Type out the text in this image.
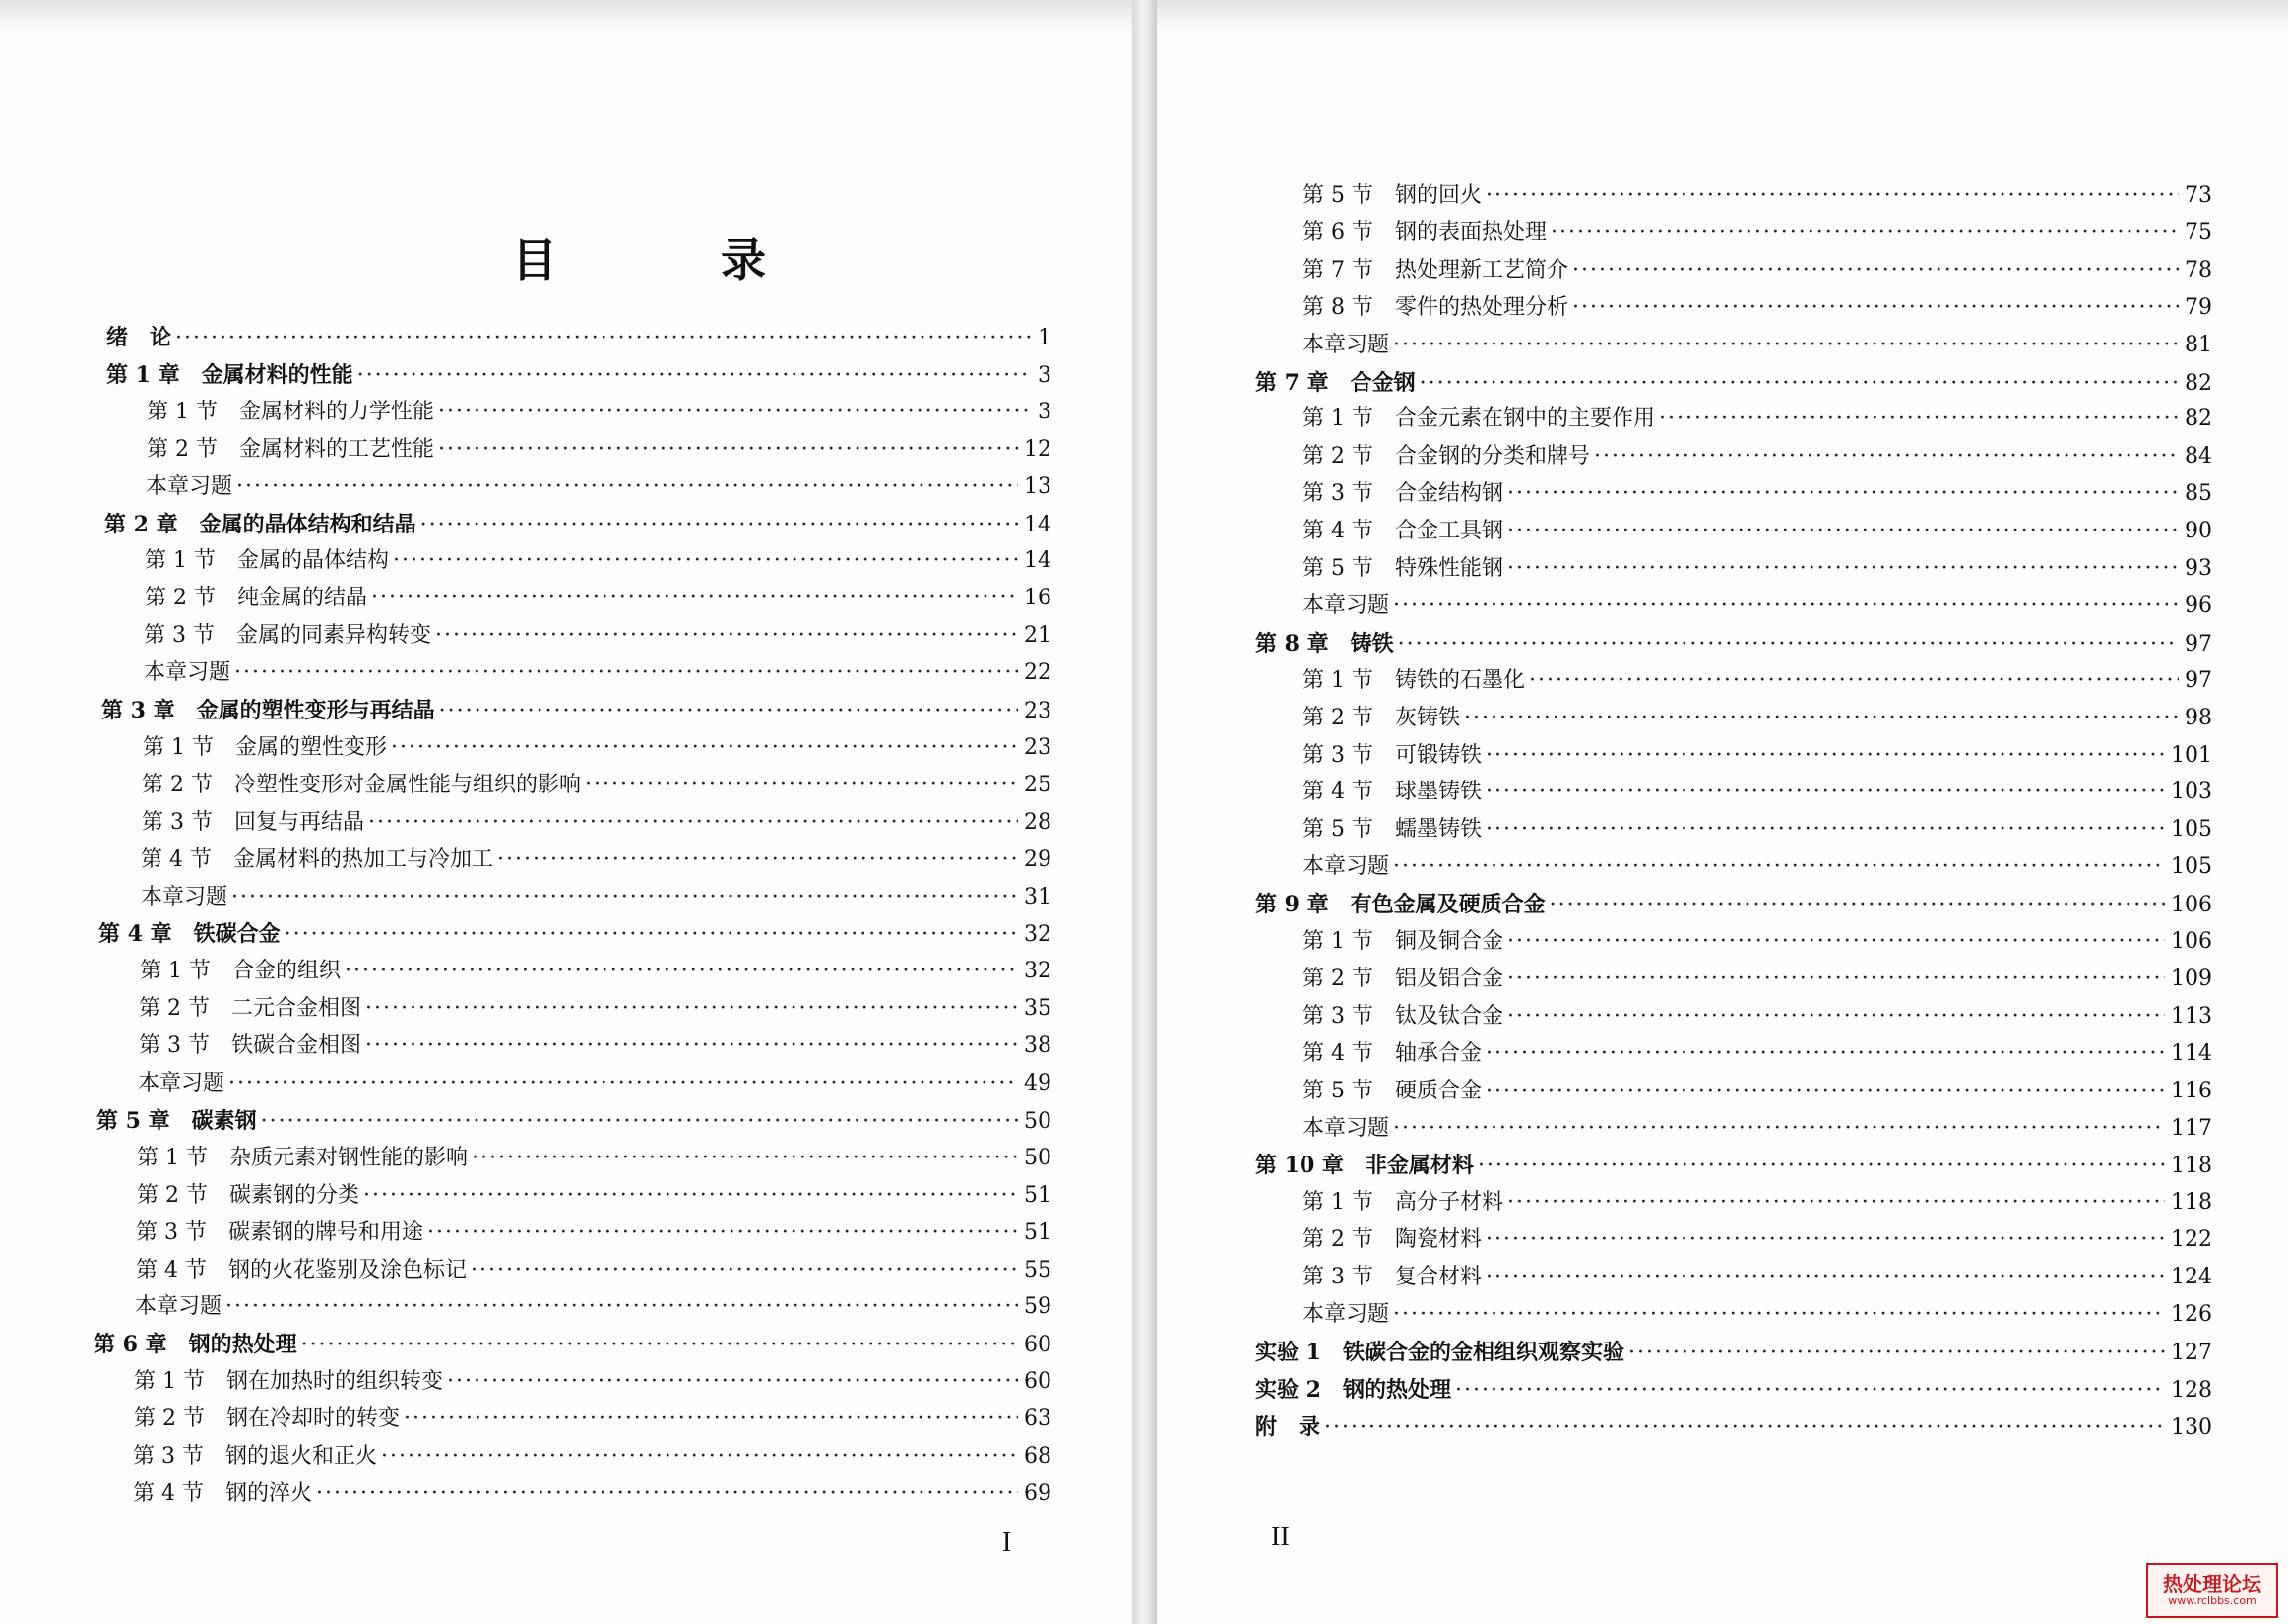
目　录
绪　论 ·····	1
第 1 章　金属材料的性能 ·····	3
第 1 节　金属材料的力学性能 ·····	3
第 2 节　金属材料的工艺性能 ·····	12
本章习题 ·····	13
第 2 章　金属的晶体结构和结晶 ·····	14
第 1 节　金属的晶体结构 ·····	14
第 2 节　纯金属的结晶 ·····	16
第 3 节　金属的同素异构转变 ·····	21
本章习题 ·····	22
第 3 章　金属的塑性变形与再结晶 ·····	23
第 1 节　金属的塑性变形 ·····	23
第 2 节　冷塑性变形对金属性能与组织的影响 ·····	25
第 3 节　回复与再结晶 ·····	28
第 4 节　金属材料的热加工与冷加工 ·····	29
本章习题 ·····	31
第 4 章　铁碳合金 ·····	32
第 1 节　合金的组织 ·····	32
第 2 节　二元合金相图 ·····	35
第 3 节　铁碳合金相图 ·····	38
本章习题 ·····	49
第 5 章　碳素钢 ·····	50
第 1 节　杂质元素对钢性能的影响 ·····	50
第 2 节　碳素钢的分类 ·····	51
第 3 节　碳素钢的牌号和用途 ·····	51
第 4 节　钢的火花鉴别及涂色标记 ·····	55
本章习题 ·····	59
第 6 章　钢的热处理 ·····	60
第 1 节　钢在加热时的组织转变 ·····	60
第 2 节　钢在冷却时的转变 ·····	63
第 3 节　钢的退火和正火 ·····	68
第 4 节　钢的淬火 ·····	69
I
第 5 节　钢的回火 ·····	73
第 6 节　钢的表面热处理 ·····	75
第 7 节　热处理新工艺简介 ·····	78
第 8 节　零件的热处理分析 ·····	79
本章习题 ·····	81
第 7 章　合金钢 ·····	82
第 1 节　合金元素在钢中的主要作用 ·····	82
第 2 节　合金钢的分类和牌号 ·····	84
第 3 节　合金结构钢 ·····	85
第 4 节　合金工具钢 ·····	90
第 5 节　特殊性能钢 ·····	93
本章习题 ·····	96
第 8 章　铸铁 ·····	97
第 1 节　铸铁的石墨化 ·····	97
第 2 节　灰铸铁 ·····	98
第 3 节　可锻铸铁 ·····	101
第 4 节　球墨铸铁 ·····	103
第 5 节　蠕墨铸铁 ·····	105
本章习题 ·····	105
第 9 章　有色金属及硬质合金 ·····	106
第 1 节　铜及铜合金 ·····	106
第 2 节　铝及铝合金 ·····	109
第 3 节　钛及钛合金 ·····	113
第 4 节　轴承合金 ·····	114
第 5 节　硬质合金 ·····	116
本章习题 ·····	117
第 10 章　非金属材料 ·····	118
第 1 节　高分子材料 ·····	118
第 2 节　陶瓷材料 ·····	122
第 3 节　复合材料 ·····	124
本章习题 ·····	126
实验 1　铁碳合金的金相组织观察实验 ·····	127
实验 2　钢的热处理 ·····	128
附　录 ·····	130
II
热处理论坛
www.rclbbs.com
